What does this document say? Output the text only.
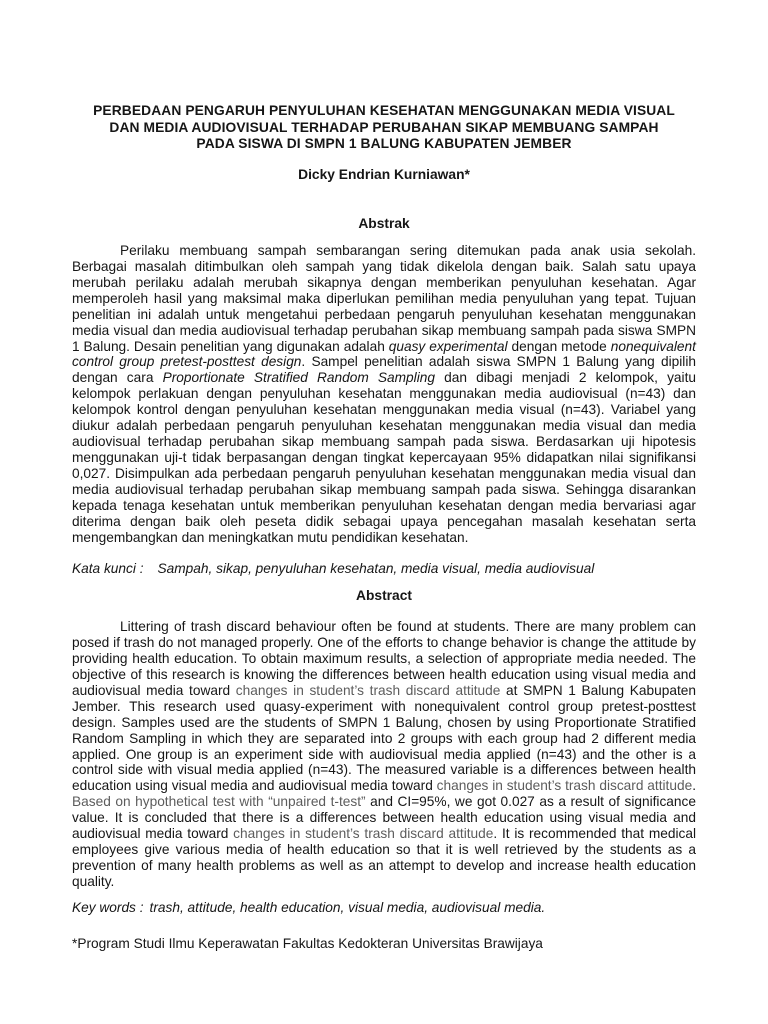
PERBEDAAN PENGARUH PENYULUHAN KESEHATAN MENGGUNAKAN MEDIA VISUAL
DAN MEDIA AUDIOVISUAL TERHADAP PERUBAHAN SIKAP MEMBUANG SAMPAH
PADA SISWA DI SMPN 1 BALUNG KABUPATEN JEMBER
Dicky Endrian Kurniawan*
Abstrak

Perilaku membuang sampah sembarangan sering ditemukan pada anak usia sekolah. Berbagai masalah ditimbulkan oleh sampah yang tidak dikelola dengan baik. Salah satu upaya merubah perilaku adalah merubah sikapnya dengan memberikan penyuluhan kesehatan. Agar memperoleh hasil yang maksimal maka diperlukan pemilihan media penyuluhan yang tepat. Tujuan penelitian ini adalah untuk mengetahui perbedaan pengaruh penyuluhan kesehatan menggunakan media visual dan media audiovisual terhadap perubahan sikap membuang sampah pada siswa SMPN 1 Balung. Desain penelitian yang digunakan adalah quasy experimental dengan metode nonequivalent control group pretest-posttest design. Sampel penelitian adalah siswa SMPN 1 Balung yang dipilih dengan cara Proportionate Stratified Random Sampling dan dibagi menjadi 2 kelompok, yaitu kelompok perlakuan dengan penyuluhan kesehatan menggunakan media audiovisual (n=43) dan kelompok kontrol dengan penyuluhan kesehatan menggunakan media visual (n=43). Variabel yang diukur adalah perbedaan pengaruh penyuluhan kesehatan menggunakan media visual dan media audiovisual terhadap perubahan sikap membuang sampah pada siswa. Berdasarkan uji hipotesis menggunakan uji-t tidak berpasangan dengan tingkat kepercayaan 95% didapatkan nilai signifikansi 0,027. Disimpulkan ada perbedaan pengaruh penyuluhan kesehatan menggunakan media visual dan media audiovisual terhadap perubahan sikap membuang sampah pada siswa. Sehingga disarankan kepada tenaga kesehatan untuk memberikan penyuluhan kesehatan dengan media bervariasi agar diterima dengan baik oleh peseta didik sebagai upaya pencegahan masalah kesehatan serta mengembangkan dan meningkatkan mutu pendidikan kesehatan.

Kata kunci : Sampah, sikap, penyuluhan kesehatan, media visual, media audiovisual
Abstract

Littering of trash discard behaviour often be found at students. There are many problem can posed if trash do not managed properly. One of the efforts to change behavior is change the attitude by providing health education. To obtain maximum results, a selection of appropriate media needed. The objective of this research is knowing the differences between health education using visual media and audiovisual media toward changes in student’s trash discard attitude at SMPN 1 Balung Kabupaten Jember. This research used quasy-experiment with nonequivalent control group pretest-posttest design. Samples used are the students of SMPN 1 Balung, chosen by using Proportionate Stratified Random Sampling in which they are separated into 2 groups with each group had 2 different media applied. One group is an experiment side with audiovisual media applied (n=43) and the other is a control side with visual media applied (n=43). The measured variable is a differences between health education using visual media and audiovisual media toward changes in student’s trash discard attitude. Based on hypothetical test with “unpaired t-test” and CI=95%, we got 0.027 as a result of significance value. It is concluded that there is a differences between health education using visual media and audiovisual media toward changes in student’s trash discard attitude. It is recommended that medical employees give various media of health education so that it is well retrieved by the students as a prevention of many health problems as well as an attempt to develop and increase health education quality.

Key words : trash, attitude, health education, visual media, audiovisual media.
*Program Studi Ilmu Keperawatan Fakultas Kedokteran Universitas Brawijaya
